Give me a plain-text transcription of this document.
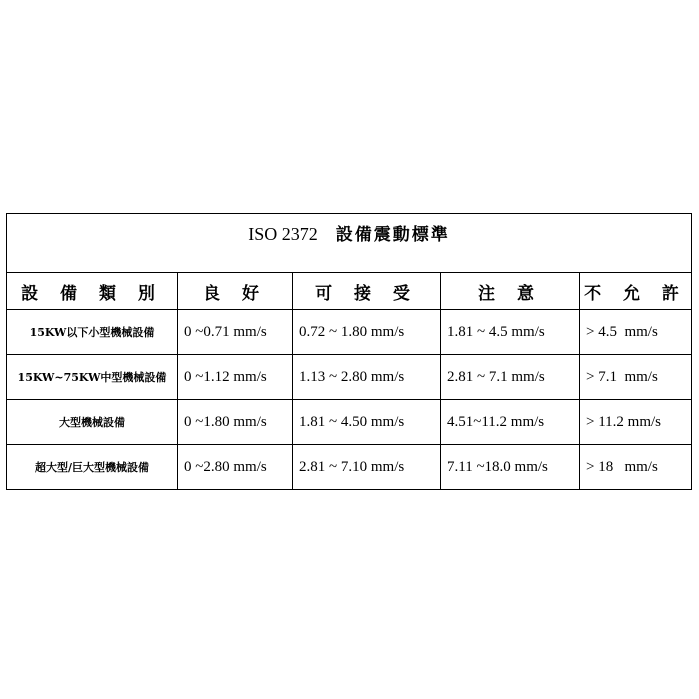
ISO 2372 設備震動標準				
設 備 類 別	良 好	可 接 受	注 意	不 允 許
15KW以下小型機械設備	0 ~0.71 mm/s	0.72 ~ 1.80 mm/s	1.81 ~ 4.5 mm/s	> 4.5  mm/s
15KW~75KW中型機械設備	0 ~1.12 mm/s	1.13 ~ 2.80 mm/s	2.81 ~ 7.1 mm/s	> 7.1  mm/s
大型機械設備	0 ~1.80 mm/s	1.81 ~ 4.50 mm/s	4.51~11.2 mm/s	> 11.2 mm/s
超大型/巨大型機械設備	0 ~2.80 mm/s	2.81 ~ 7.10 mm/s	7.11 ~18.0 mm/s	> 18   mm/s
